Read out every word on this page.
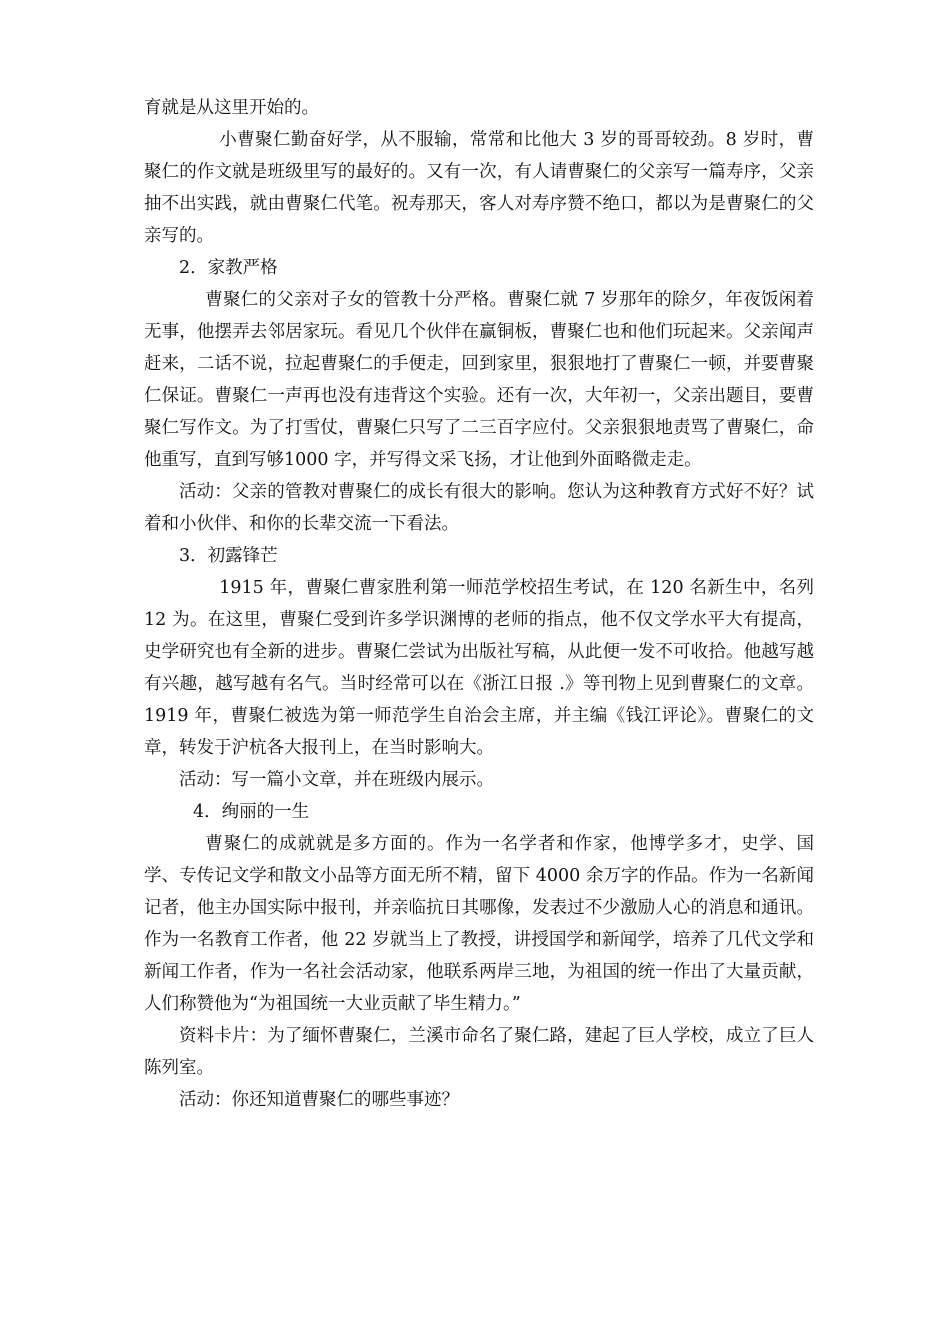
育就是从这里开始的。

小曹聚仁勤奋好学，从不服输，常常和比他大 3 岁的哥哥较劲。8 岁时，曹聚仁的作文就是班级里写的最好的。又有一次，有人请曹聚仁的父亲写一篇寿序，父亲抽不出实践，就由曹聚仁代笔。祝寿那天，客人对寿序赞不绝口，都以为是曹聚仁的父亲写的。

2．家教严格

曹聚仁的父亲对子女的管教十分严格。曹聚仁就 7 岁那年的除夕，年夜饭闲着无事，他摆弄去邻居家玩。看见几个伙伴在赢铜板，曹聚仁也和他们玩起来。父亲闻声赶来，二话不说，拉起曹聚仁的手便走，回到家里，狠狠地打了曹聚仁一顿，并要曹聚仁保证。曹聚仁一声再也没有违背这个实验。还有一次，大年初一，父亲出题目，要曹聚仁写作文。为了打雪仗，曹聚仁只写了二三百字应付。父亲狠狠地责骂了曹聚仁，命他重写，直到写够1000 字，并写得文采飞扬，才让他到外面略微走走。

活动：父亲的管教对曹聚仁的成长有很大的影响。您认为这种教育方式好不好？试着和小伙伴、和你的长辈交流一下看法。

3．初露锋芒

1915 年，曹聚仁曹家胜利第一师范学校招生考试，在 120 名新生中，名列 12 为。在这里，曹聚仁受到许多学识渊博的老师的指点，他不仅文学水平大有提高，史学研究也有全新的进步。曹聚仁尝试为出版社写稿，从此便一发不可收拾。他越写越有兴趣，越写越有名气。当时经常可以在《浙江日报 .》等刊物上见到曹聚仁的文章。1919 年，曹聚仁被选为第一师范学生自治会主席，并主编《钱江评论》。曹聚仁的文章，转发于沪杭各大报刊上，在当时影响大。

活动：写一篇小文章，并在班级内展示。

4．绚丽的一生

曹聚仁的成就就是多方面的。作为一名学者和作家，他博学多才，史学、国学、专传记文学和散文小品等方面无所不精，留下 4000 余万字的作品。作为一名新闻记者，他主办国实际中报刊，并亲临抗日其哪像，发表过不少激励人心的消息和通讯。作为一名教育工作者，他 22 岁就当上了教授，讲授国学和新闻学，培养了几代文学和新闻工作者，作为一名社会活动家，他联系两岸三地，为祖国的统一作出了大量贡献，人们称赞他为“为祖国统一大业贡献了毕生精力。”

资料卡片：为了缅怀曹聚仁，兰溪市命名了聚仁路，建起了巨人学校，成立了巨人陈列室。

活动：你还知道曹聚仁的哪些事迹？
